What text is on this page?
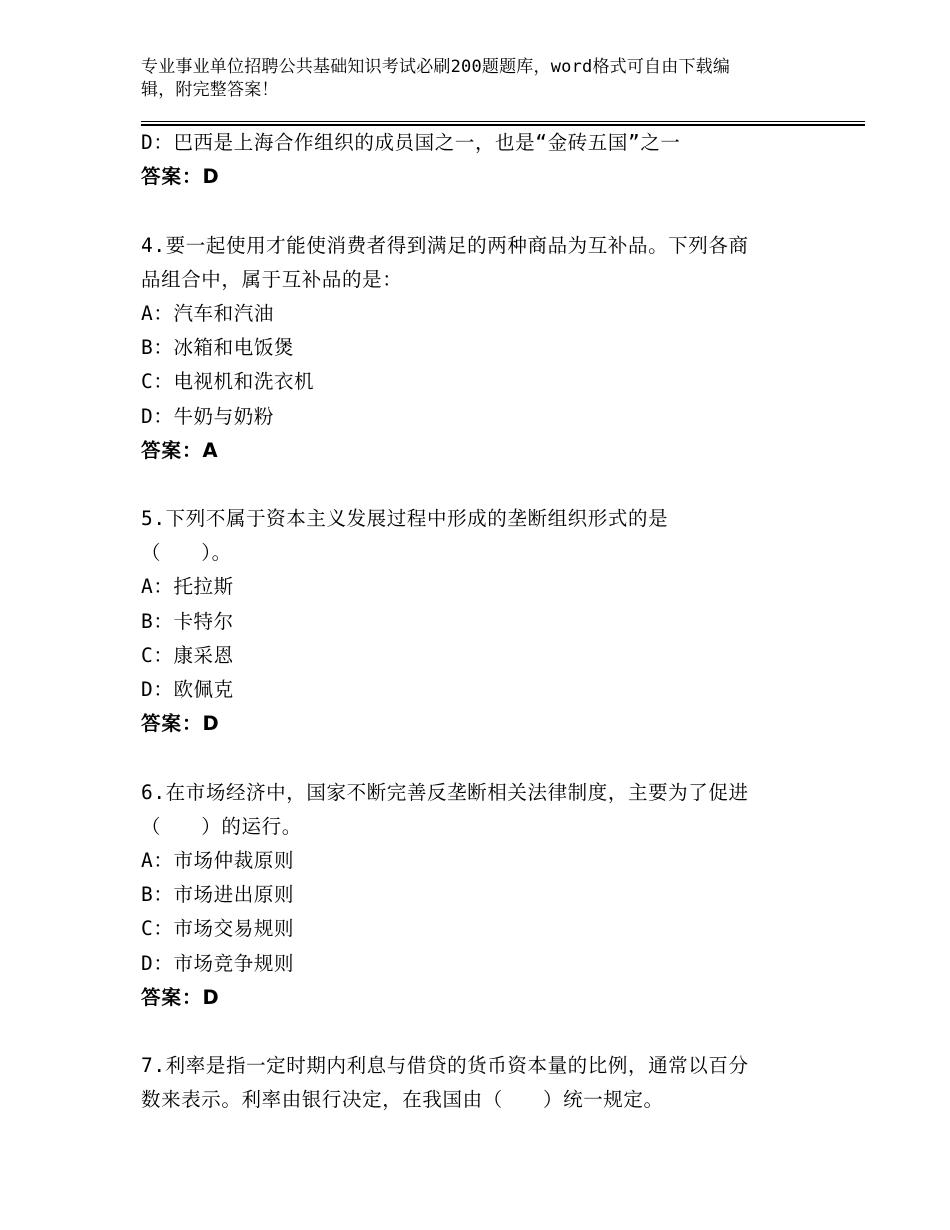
专业事业单位招聘公共基础知识考试必刷200题题库，word格式可自由下载编
辑，附完整答案！
D：巴西是上海合作组织的成员国之一，也是“金砖五国”之一
答案：D
4.要一起使用才能使消费者得到满足的两种商品为互补品。下列各商
品组合中，属于互补品的是：
A：汽车和汽油
B：冰箱和电饭煲
C：电视机和洗衣机
D：牛奶与奶粉
答案：A
5.下列不属于资本主义发展过程中形成的垄断组织形式的是
（　　）。
A：托拉斯
B：卡特尔
C：康采恩
D：欧佩克
答案：D
6.在市场经济中，国家不断完善反垄断相关法律制度，主要为了促进
（　　）的运行。
A：市场仲裁原则
B：市场进出原则
C：市场交易规则
D：市场竞争规则
答案：D
7.利率是指一定时期内利息与借贷的货币资本量的比例，通常以百分
数来表示。利率由银行决定，在我国由（　　）统一规定。
